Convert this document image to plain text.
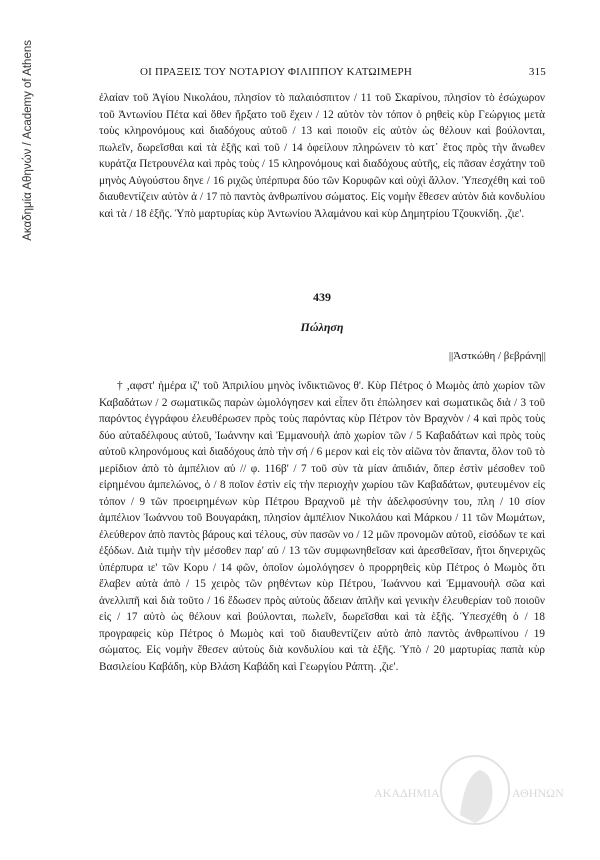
Ακαδημία Αθηνών / Academy of Athens	ΟΙ ΠΡΑΞΕΙΣ ΤΟΥ ΝΟΤΑΡΙΟΥ ΦΙΛΙΠΠΟΥ ΚΑΤΩΙΜΕΡΗ	315

ἐλαίαν τοῦ Ἁγίου Νικολάου, πλησίον τὸ παλαιόσπιτον / 11 τοῦ Σκαρίνου, πλησίον τὸ ἐσώχωρον τοῦ Ἀντωνίου Πέτα καὶ ὅθεν ἤρξατο τοῦ ἔχειν / 12 αὐτὸν τὸν τόπον ὁ ρηθεὶς κὺρ Γεώργιος μετὰ τοὺς κληρονόμους καὶ διαδόχους αὐτοῦ / 13 καὶ ποιοῦν εἰς αὐτὸν ὡς θέλουν καὶ βούλονται, πωλεῖν, δωρεῖσθαι καὶ τὰ ἑξῆς καὶ τοῦ / 14 ὀφείλουν πληρώνειν τὸ κατ᾿ ἔτος πρὸς τὴν ἄνωθεν κυράτζα Πετρουνέλα καὶ πρὸς τοὺς / 15 κληρονόμους καὶ διαδόχους αὐτῆς, εἰς πᾶσαν ἐσχάτην τοῦ μηνὸς Αὐγούστου δηνε / 16 ριχῶς ὑπέρπυρα δύο τῶν Κορυφῶν καὶ οὐχὶ ἄλλον. Ὑπεσχέθη καὶ τοῦ διαυθεντίζειν αὐτὸν ἀ / 17 πὸ παντὸς ἀνθρωπίνου σώματος. Εἰς νομὴν ἔθεσεν αὐτὸν διὰ κονδυλίου καὶ τὰ / 18 ἑξῆς. Ὑπὸ μαρτυρίας κὺρ Ἀντωνίου Ἀλαμάνου καὶ κὺρ Δημητρίου Τζουκνίδη. ,ζιε'.

439
Πώληση
||Ἀστκώθη / βεβράνη||

† ,αφστ' ἡμέρα ιζ' τοῦ Ἀπριλίου μηνὸς ἰνδικτιῶνος θ'. Κὺρ Πέτρος ὁ Μωμὸς ἀπὸ χωρίον τῶν Καβαδάτων / 2 σωματικῶς παρὼν ὡμολόγησεν καὶ εἶπεν ὅτι ἐπώλησεν καὶ σωματικῶς διὰ / 3 τοῦ παρόντος ἐγγράφου ἐλευθέρωσεν πρὸς τοὺς παρόντας κὺρ Πέτρον τὸν Βραχνὸν / 4 καὶ πρὸς τοὺς δύο αὐταδέλφους αὐτοῦ, Ἰωάννην καὶ Ἐμμανουὴλ ἀπὸ χωρίον τῶν / 5 Καβαδάτων καὶ πρὸς τοὺς αὐτοῦ κληρονόμους καὶ διαδόχους ἀπὸ τὴν σή / 6 μερον καὶ εἰς τὸν αἰῶνα τὸν ἅπαντα, ὅλον τοῦ τὸ μερίδιον ἀπὸ τὸ ἀμπέλιον αὐ // φ. 116β' / 7 τοῦ σὺν τὰ μίαν ἀπιδιάν, ὅπερ ἐστὶν μέσοθεν τοῦ εἰρημένου ἀμπελώνος, ὁ / 8 ποῖον ἐστὶν εἰς τὴν περιοχὴν χωρίου τῶν Καβαδάτων, φυτευμένον εἰς τόπον / 9 τῶν προειρημένων κὺρ Πέτρου Βραχνοῦ μὲ τὴν ἀδελφοσύνην του, πλη / 10 σίον ἀμπέλιον Ἰωάννου τοῦ Βουγαράκη, πλησίον ἀμπέλιον Νικολάου καὶ Μάρκου / 11 τῶν Μωμάτων, ἐλεύθερον ἀπὸ παντὸς βάρους καὶ τέλους, σὺν πασῶν νο / 12 μῶν προνομῶν αὐτοῦ, εἰσόδων τε καὶ ἐξόδων. Διὰ τιμὴν τὴν μέσοθεν παρ' αὐ / 13 τῶν συμφωνηθεῖσαν καὶ ἀρεσθεῖσαν, ἤτοι δηνεριχῶς ὑπέρπυρα ιε' τῶν Κορυ / 14 φῶν, ὁποῖον ὡμολόγησεν ὁ προρρηθεὶς κὺρ Πέτρος ὁ Μωμὸς ὅτι ἔλαβεν αὐτὰ ἀπὸ / 15 χειρὸς τῶν ρηθέντων κὺρ Πέτρου, Ἰωάννου καὶ Ἐμμανουὴλ σῶα καὶ ἀνελλιπῆ καὶ διὰ τοῦτο / 16 ἔδωσεν πρὸς αὐτοὺς ἄδειαν ἁπλῆν καὶ γενικὴν ἐλευθερίαν τοῦ ποιοῦν εἰς / 17 αὐτὸ ὡς θέλουν καὶ βούλονται, πωλεῖν, δωρεῖσθαι καὶ τὰ ἑξῆς. Ὑπεσχέθη ὁ / 18 προγραφεὶς κὺρ Πέτρος ὁ Μωμὸς καὶ τοῦ διαυθεντίζειν αὐτὸ ἀπὸ παντὸς ἀνθρωπίνου / 19 σώματος. Εἰς νομὴν ἔθεσεν αὐτοὺς διὰ κονδυλίου καὶ τὰ ἑξῆς. Ὑπὸ / 20 μαρτυρίας παπὰ κὺρ Βασιλείου Καβάδη, κὺρ Βλάση Καβάδη καὶ Γεωργίου Ράπτη. ,ζιε'.

ΑΚΑΔΗΜΙΑ	ΑΘΗΝΩΝ
